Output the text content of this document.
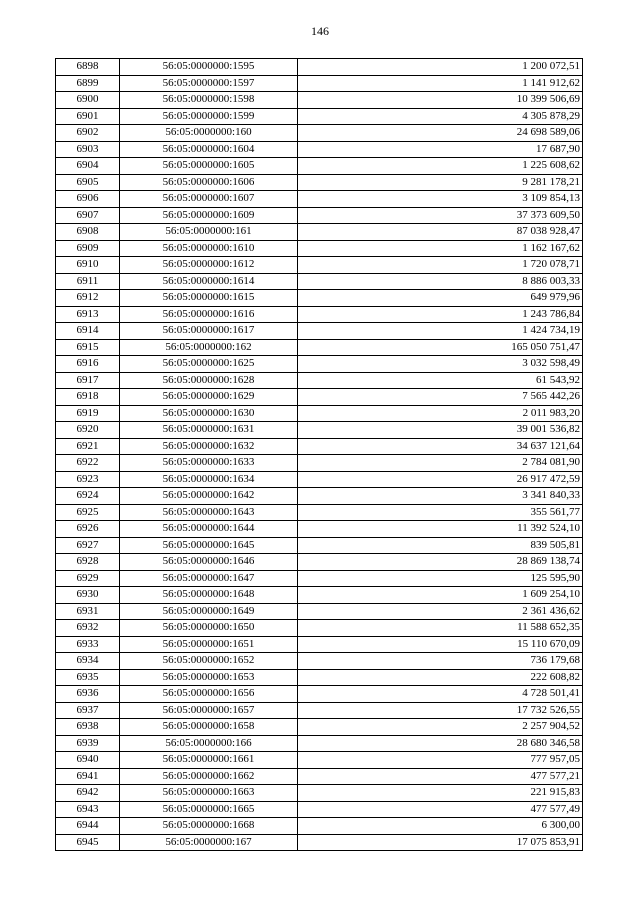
146
6898	56:05:0000000:1595	1 200 072,51
6899	56:05:0000000:1597	1 141 912,62
6900	56:05:0000000:1598	10 399 506,69
6901	56:05:0000000:1599	4 305 878,29
6902	56:05:0000000:160	24 698 589,06
6903	56:05:0000000:1604	17 687,90
6904	56:05:0000000:1605	1 225 608,62
6905	56:05:0000000:1606	9 281 178,21
6906	56:05:0000000:1607	3 109 854,13
6907	56:05:0000000:1609	37 373 609,50
6908	56:05:0000000:161	87 038 928,47
6909	56:05:0000000:1610	1 162 167,62
6910	56:05:0000000:1612	1 720 078,71
6911	56:05:0000000:1614	8 886 003,33
6912	56:05:0000000:1615	649 979,96
6913	56:05:0000000:1616	1 243 786,84
6914	56:05:0000000:1617	1 424 734,19
6915	56:05:0000000:162	165 050 751,47
6916	56:05:0000000:1625	3 032 598,49
6917	56:05:0000000:1628	61 543,92
6918	56:05:0000000:1629	7 565 442,26
6919	56:05:0000000:1630	2 011 983,20
6920	56:05:0000000:1631	39 001 536,82
6921	56:05:0000000:1632	34 637 121,64
6922	56:05:0000000:1633	2 784 081,90
6923	56:05:0000000:1634	26 917 472,59
6924	56:05:0000000:1642	3 341 840,33
6925	56:05:0000000:1643	355 561,77
6926	56:05:0000000:1644	11 392 524,10
6927	56:05:0000000:1645	839 505,81
6928	56:05:0000000:1646	28 869 138,74
6929	56:05:0000000:1647	125 595,90
6930	56:05:0000000:1648	1 609 254,10
6931	56:05:0000000:1649	2 361 436,62
6932	56:05:0000000:1650	11 588 652,35
6933	56:05:0000000:1651	15 110 670,09
6934	56:05:0000000:1652	736 179,68
6935	56:05:0000000:1653	222 608,82
6936	56:05:0000000:1656	4 728 501,41
6937	56:05:0000000:1657	17 732 526,55
6938	56:05:0000000:1658	2 257 904,52
6939	56:05:0000000:166	28 680 346,58
6940	56:05:0000000:1661	777 957,05
6941	56:05:0000000:1662	477 577,21
6942	56:05:0000000:1663	221 915,83
6943	56:05:0000000:1665	477 577,49
6944	56:05:0000000:1668	6 300,00
6945	56:05:0000000:167	17 075 853,91
